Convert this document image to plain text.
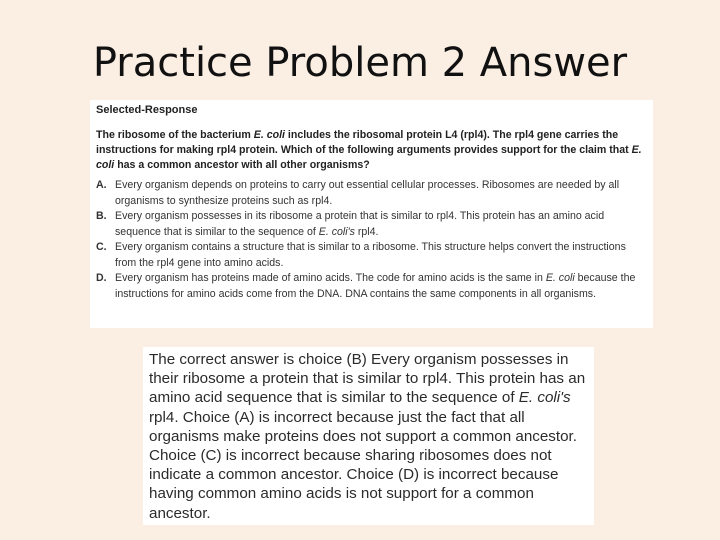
Practice Problem 2 Answer
Selected-Response
The ribosome of the bacterium E. coli includes the ribosomal protein L4 (rpl4). The rpl4 gene carries the instructions for making rpl4 protein. Which of the following arguments provides support for the claim that E. coli has a common ancestor with all other organisms?
A. Every organism depends on proteins to carry out essential cellular processes. Ribosomes are needed by all organisms to synthesize proteins such as rpl4.
B. Every organism possesses in its ribosome a protein that is similar to rpl4. This protein has an amino acid sequence that is similar to the sequence of E. coli's rpl4.
C. Every organism contains a structure that is similar to a ribosome. This structure helps convert the instructions from the rpl4 gene into amino acids.
D. Every organism has proteins made of amino acids. The code for amino acids is the same in E. coli because the instructions for amino acids come from the DNA. DNA contains the same components in all organisms.

The correct answer is choice (B) Every organism possesses in their ribosome a protein that is similar to rpl4. This protein has an amino acid sequence that is similar to the sequence of E. coli's rpl4. Choice (A) is incorrect because just the fact that all organisms make proteins does not support a common ancestor. Choice (C) is incorrect because sharing ribosomes does not indicate a common ancestor. Choice (D) is incorrect because having common amino acids is not support for a common ancestor.
